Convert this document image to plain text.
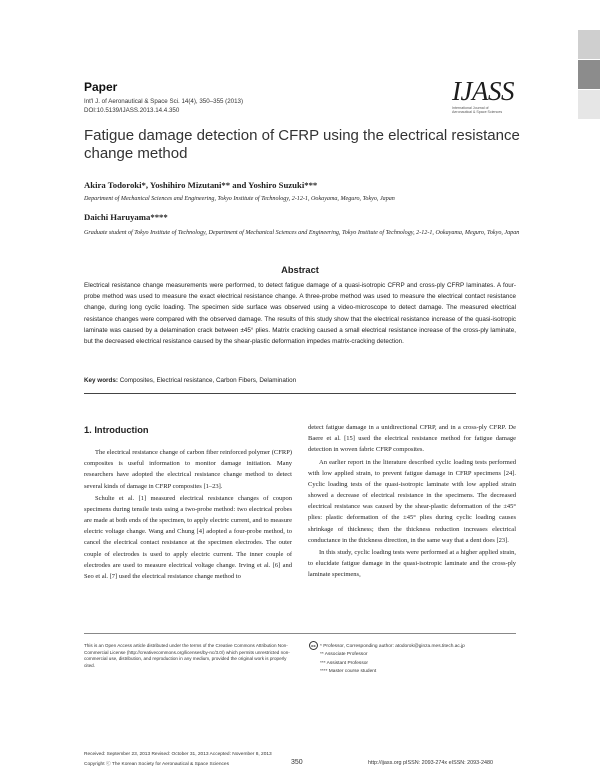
Paper
Int'l J. of Aeronautical & Space Sci. 14(4), 350–355 (2013)
DOI:10.5139/IJASS.2013.14.4.350
IJASS
International Journal of
Aeronautical & Space Sciences
Fatigue damage detection of CFRP using the electrical resistance change method
Akira Todoroki*, Yoshihiro Mizutani** and Yoshiro Suzuki***
Department of Mechanical Sciences and Engineering, Tokyo Institute of Technology, 2-12-1, Ookayama, Meguro, Tokyo, Japan
Daichi Haruyama****
Graduate student of Tokyo Institute of Technology, Department of Mechanical Sciences and Engineering, Tokyo Institute of Technology, 2-12-1, Ookayama, Meguro, Tokyo, Japan
Abstract
Electrical resistance change measurements were performed, to detect fatigue damage of a quasi-isotropic CFRP and cross-ply CFRP laminates. A four-probe method was used to measure the exact electrical resistance change. A three-probe method was used to measure the electrical contact resistance change, during long cyclic loading. The specimen side surface was observed using a video-microscope to detect damage. The measured electrical resistance changes were compared with the observed damage. The results of this study show that the electrical resistance increase of the quasi-isotropic laminate was caused by a delamination crack between ±45° plies. Matrix cracking caused a small electrical resistance increase of the cross-ply laminate, but the decreased electrical resistance caused by the shear-plastic deformation impedes matrix-cracking detection.
Key words: Composites, Electrical resistance, Carbon Fibers, Delamination
1. Introduction

The electrical resistance change of carbon fiber reinforced polymer (CFRP) composites is useful information to monitor damage initiation. Many researchers have adopted the electrical resistance change method to detect several kinds of damage in CFRP composites [1–23].

Schulte et al. [1] measured electrical resistance changes of coupon specimens during tensile tests using a two-probe method: two electrical probes are made at both ends of the specimen, to apply electric current, and to measure electric voltage change. Wang and Chung [4] adopted a four-probe method, to cancel the electrical contact resistance at the specimen electrodes. The outer couple of electrodes is used to apply electric current. The inner couple of electrodes are used to measure electrical voltage change. Irving et al. [6] and Seo et al. [7] used the electrical resistance change method to

detect fatigue damage in a unidirectional CFRP, and in a cross-ply CFRP. De Baere et al. [15] used the electrical resistance method for fatigue damage detection in woven fabric CFRP composites.

An earlier report in the literature described cyclic loading tests performed with low applied strain, to prevent fatigue damage in CFRP specimens [24]. Cyclic loading tests of the quasi-isotropic laminate with low applied strain showed a decrease of electrical resistance in the specimens. The decreased electrical resistance was caused by the shear-plastic deformation of the ±45° plies: plastic deformation of the ±45° plies during cyclic loading causes shrinkage of thickness; then the thickness reduction increases electrical conductance in the thickness direction, in the same way that a dent does [23].

In this study, cyclic loading tests were performed at a higher applied strain, to elucidate fatigue damage in the quasi-isotropic laminate and the cross-ply laminate specimens,

This is an Open Access article distributed under the terms of the Creative Commons Attribution Non-Commercial License (http://creativecommons.org/licenses/by-nc/3.0/) which permits unrestricted non-commercial use, distribution, and reproduction in any medium, provided the original work is properly cited.
cc * Professor, Corresponding author: atodorok@ginza.mes.titech.ac.jp
** Associate Professor
*** Assistant Professor
**** Master course student
Received: September 23, 2013 Revised: October 31, 2013 Accepted: November 8, 2013
Copyright ⓒ The Korean Society for Aeronautical & Space Sciences	350	http://ijass.org pISSN: 2093-274x eISSN: 2093-2480
